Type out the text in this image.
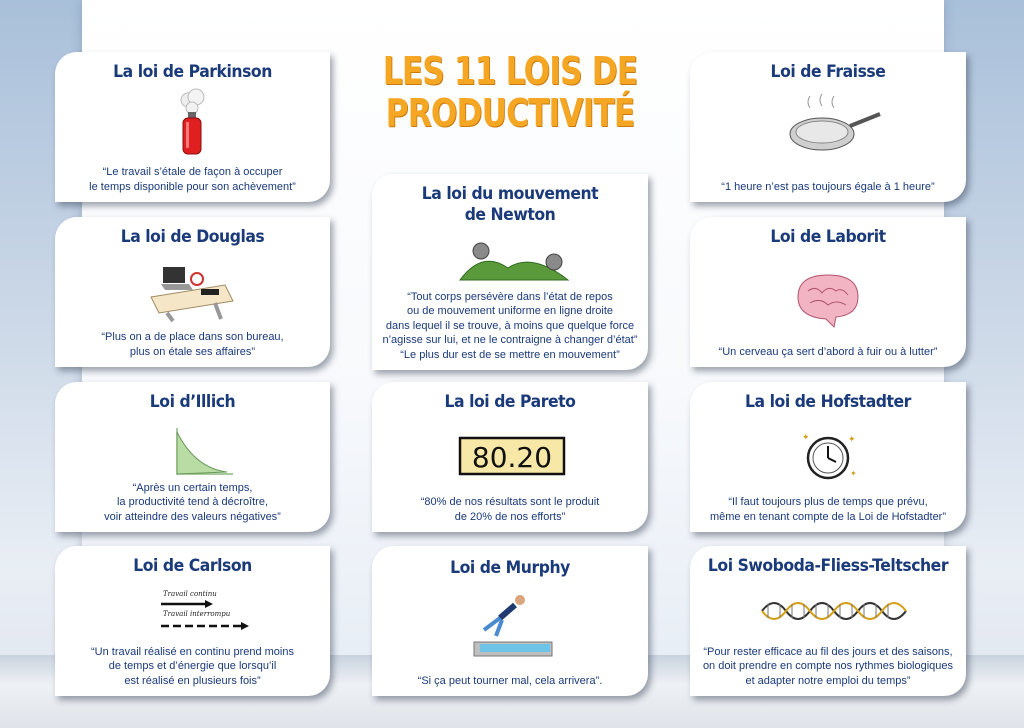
LES 11 LOIS DE
PRODUCTIVITÉ
La loi de Parkinson
“Le travail s’étale de façon à occuper
le temps disponible pour son achèvement”
La loi de Douglas
“Plus on a de place dans son bureau,
plus on étale ses affaires”
Loi d’Illich
“Après un certain temps,
la productivité tend à décroître,
voir atteindre des valeurs négatives”
Loi de Carlson
Travail continu
Travail interrompu
“Un travail réalisé en continu prend moins
de temps et d’énergie que lorsqu’il
est réalisé en plusieurs fois”
La loi du mouvement
de Newton
“Tout corps persévère dans l’état de repos
ou de mouvement uniforme en ligne droite
dans lequel il se trouve, à moins que quelque force
n’agisse sur lui, et ne le contraigne à changer d’état”
“Le plus dur est de se mettre en mouvement”
La loi de Pareto
80.20
“80% de nos résultats sont le produit
de 20% de nos efforts”
Loi de Murphy
“Si ça peut tourner mal, cela arrivera”.
Loi de Fraisse
“1 heure n’est pas toujours égale à 1 heure”
Loi de Laborit
“Un cerveau ça sert d’abord à fuir ou à lutter”
La loi de Hofstadter
✦	✦
✦
“Il faut toujours plus de temps que prévu,
même en tenant compte de la Loi de Hofstadter”
Loi Swoboda-Fliess-Teltscher
“Pour rester efficace au fil des jours et des saisons,
on doit prendre en compte nos rythmes biologiques
et adapter notre emploi du temps”
